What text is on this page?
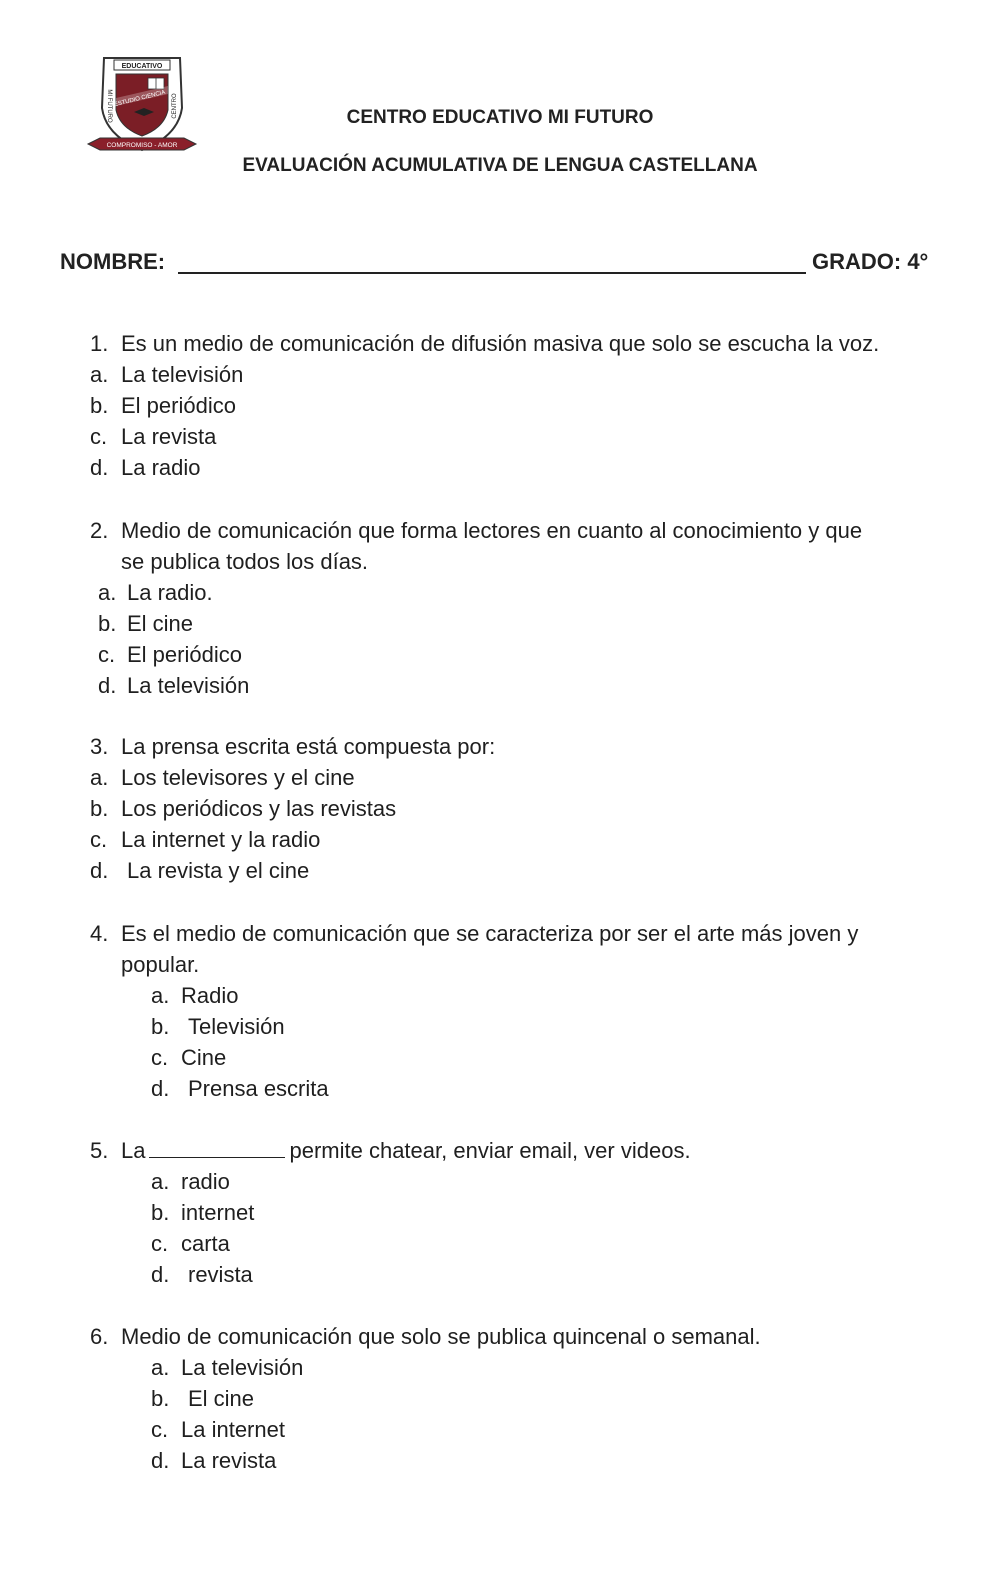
EDUCATIVO
ESTUDIO CIENCIA
MI FUTURO	CENTRO
COMPROMISO - AMOR
CENTRO EDUCATIVO MI FUTURO
EVALUACIÓN ACUMULATIVA DE LENGUA CASTELLANA
NOMBRE:	GRADO: 4°
1. Es un medio de comunicación de difusión masiva que solo se escucha la voz.
a. La televisión
b. El periódico
c. La revista
d. La radio
2. Medio de comunicación que forma lectores en cuanto al conocimiento y que
se publica todos los días.
a. La radio.
b. El cine
c. El periódico
d. La televisión
3. La prensa escrita está compuesta por:
a. Los televisores y el cine
b. Los periódicos y las revistas
c. La internet y la radio
d. La revista y el cine
4. Es el medio de comunicación que se caracteriza por ser el arte más joven y
popular.
a. Radio
b. Televisión
c. Cine
d. Prensa escrita
5. La	permite chatear, enviar email, ver videos.
a. radio
b. internet
c. carta
d. revista
6. Medio de comunicación que solo se publica quincenal o semanal.
a. La televisión
b. El cine
c. La internet
d. La revista
